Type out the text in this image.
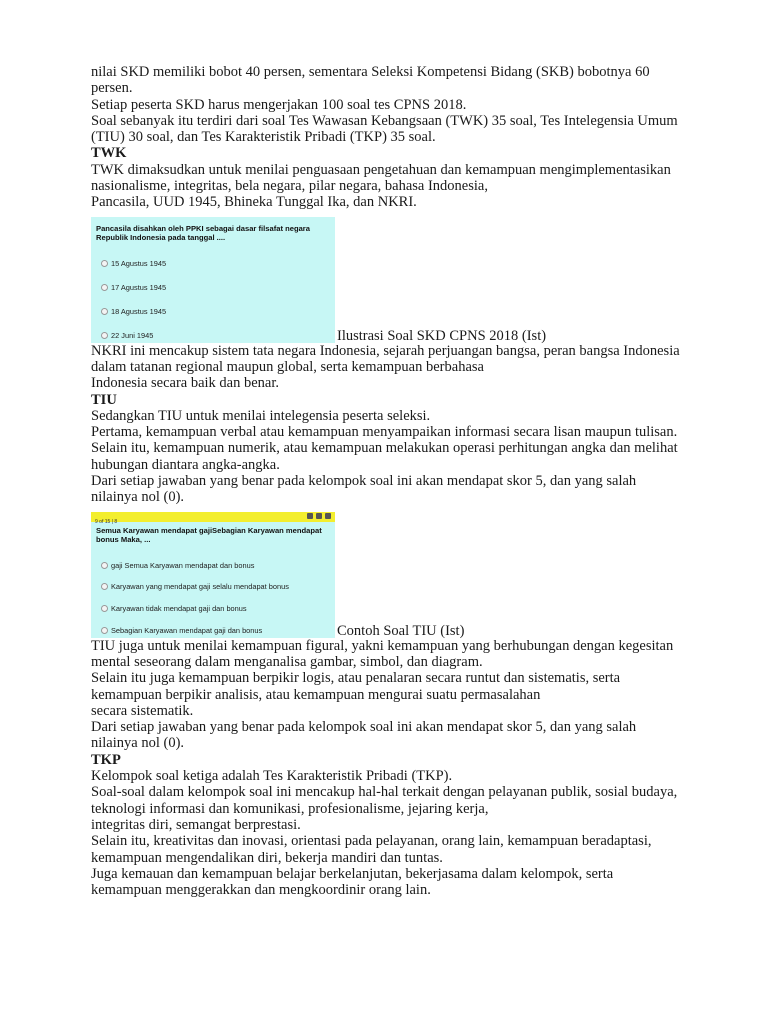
nilai SKD memiliki bobot 40 persen, sementara Seleksi Kompetensi Bidang (SKB) bobotnya 60 persen.

Setiap peserta SKD harus mengerjakan 100 soal tes CPNS 2018.

Soal sebanyak itu terdiri dari soal Tes Wawasan Kebangsaan (TWK) 35 soal, Tes Intelegensia Umum (TIU) 30 soal, dan Tes Karakteristik Pribadi (TKP) 35 soal.

TWK

TWK dimaksudkan untuk menilai penguasaan pengetahuan dan kemampuan mengimplementasikan nasionalisme, integritas, bela negara, pilar negara, bahasa Indonesia,

Pancasila, UUD 1945, Bhineka Tunggal Ika, dan NKRI.

Pancasila disahkan oleh PPKI sebagai dasar filsafat negara Republik Indonesia pada tanggal ....
15 Agustus 1945
17 Agustus 1945
18 Agustus 1945
22 Juni 1945	Ilustrasi Soal SKD CPNS 2018 (Ist)

NKRI ini mencakup sistem tata negara Indonesia, sejarah perjuangan bangsa, peran bangsa Indonesia dalam tatanan regional maupun global, serta kemampuan berbahasa

Indonesia secara baik dan benar.

TIU

Sedangkan TIU untuk menilai intelegensia peserta seleksi.

Pertama, kemampuan verbal atau kemampuan menyampaikan informasi secara lisan maupun tulisan.

Selain itu, kemampuan numerik, atau kemampuan melakukan operasi perhitungan angka dan melihat hubungan diantara angka-angka.

Dari setiap jawaban yang benar pada kelompok soal ini akan mendapat skor 5, dan yang salah nilainya nol (0).

9 of 15 | 8
Semua Karyawan mendapat gajiSebagian Karyawan mendapat bonus Maka, ...
gaji Semua Karyawan mendapat dan bonus
Karyawan yang mendapat gaji selalu mendapat bonus
Karyawan tidak mendapat gaji dan bonus
Sebagian Karyawan mendapat gaji dan bonus	Contoh Soal TIU (Ist)

TIU juga untuk menilai kemampuan figural, yakni kemampuan yang berhubungan dengan kegesitan mental seseorang dalam menganalisa gambar, simbol, dan diagram.

Selain itu juga kemampuan berpikir logis, atau penalaran secara runtut dan sistematis, serta kemampuan berpikir analisis, atau kemampuan mengurai suatu permasalahan

secara sistematik.

Dari setiap jawaban yang benar pada kelompok soal ini akan mendapat skor 5, dan yang salah nilainya nol (0).

TKP

Kelompok soal ketiga adalah Tes Karakteristik Pribadi (TKP).

Soal-soal dalam kelompok soal ini mencakup hal-hal terkait dengan pelayanan publik, sosial budaya, teknologi informasi dan komunikasi, profesionalisme, jejaring kerja,

integritas diri, semangat berprestasi.

Selain itu, kreativitas dan inovasi, orientasi pada pelayanan, orang lain, kemampuan beradaptasi, kemampuan mengendalikan diri, bekerja mandiri dan tuntas.

Juga kemauan dan kemampuan belajar berkelanjutan, bekerjasama dalam kelompok, serta kemampuan menggerakkan dan mengkoordinir orang lain.
